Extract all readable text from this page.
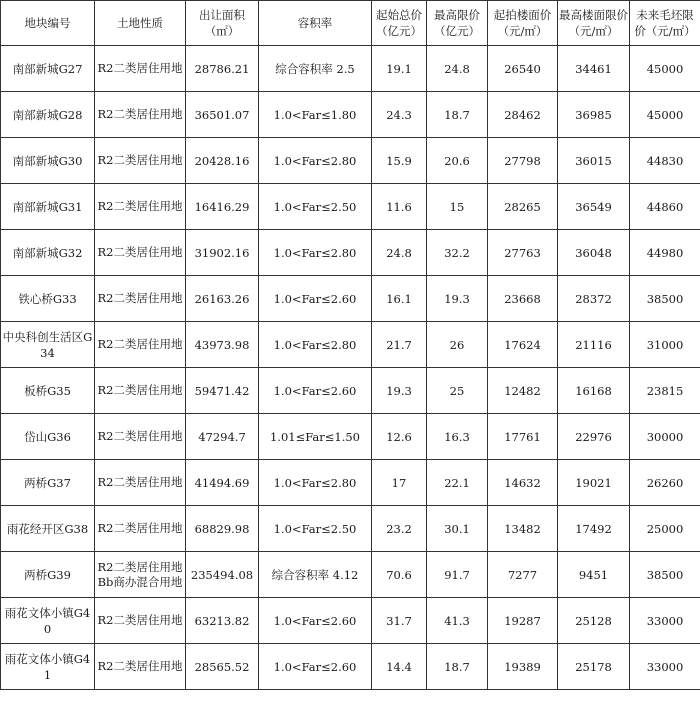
地块编号	土地性质	出让面积（㎡）	容积率	起始总价（亿元）	最高限价（亿元）	起拍楼面价（元/㎡）	最高楼面限价（元/㎡）	未来毛坯限价（元/㎡）
南部新城G27	R2二类居住用地	28786.21	综合容积率 2.5	19.1	24.8	26540	34461	45000
南部新城G28	R2二类居住用地	36501.07	1.0<Far≤1.80	24.3	18.7	28462	36985	45000
南部新城G30	R2二类居住用地	20428.16	1.0<Far≤2.80	15.9	20.6	27798	36015	44830
南部新城G31	R2二类居住用地	16416.29	1.0<Far≤2.50	11.6	15	28265	36549	44860
南部新城G32	R2二类居住用地	31902.16	1.0<Far≤2.80	24.8	32.2	27763	36048	44980
铁心桥G33	R2二类居住用地	26163.26	1.0<Far≤2.60	16.1	19.3	23668	28372	38500
中央科创生活区G34	R2二类居住用地	43973.98	1.0<Far≤2.80	21.7	26	17624	21116	31000
板桥G35	R2二类居住用地	59471.42	1.0<Far≤2.60	19.3	25	12482	16168	23815
岱山G36	R2二类居住用地	47294.7	1.01≤Far≤1.50	12.6	16.3	17761	22976	30000
两桥G37	R2二类居住用地	41494.69	1.0<Far≤2.80	17	22.1	14632	19021	26260
雨花经开区G38	R2二类居住用地	68829.98	1.0<Far≤2.50	23.2	30.1	13482	17492	25000
两桥G39	R2二类居住用地Bb商办混合用地	235494.08	综合容积率 4.12	70.6	91.7	7277	9451	38500
雨花文体小镇G40	R2二类居住用地	63213.82	1.0<Far≤2.60	31.7	41.3	19287	25128	33000
雨花文体小镇G41	R2二类居住用地	28565.52	1.0<Far≤2.60	14.4	18.7	19389	25178	33000
